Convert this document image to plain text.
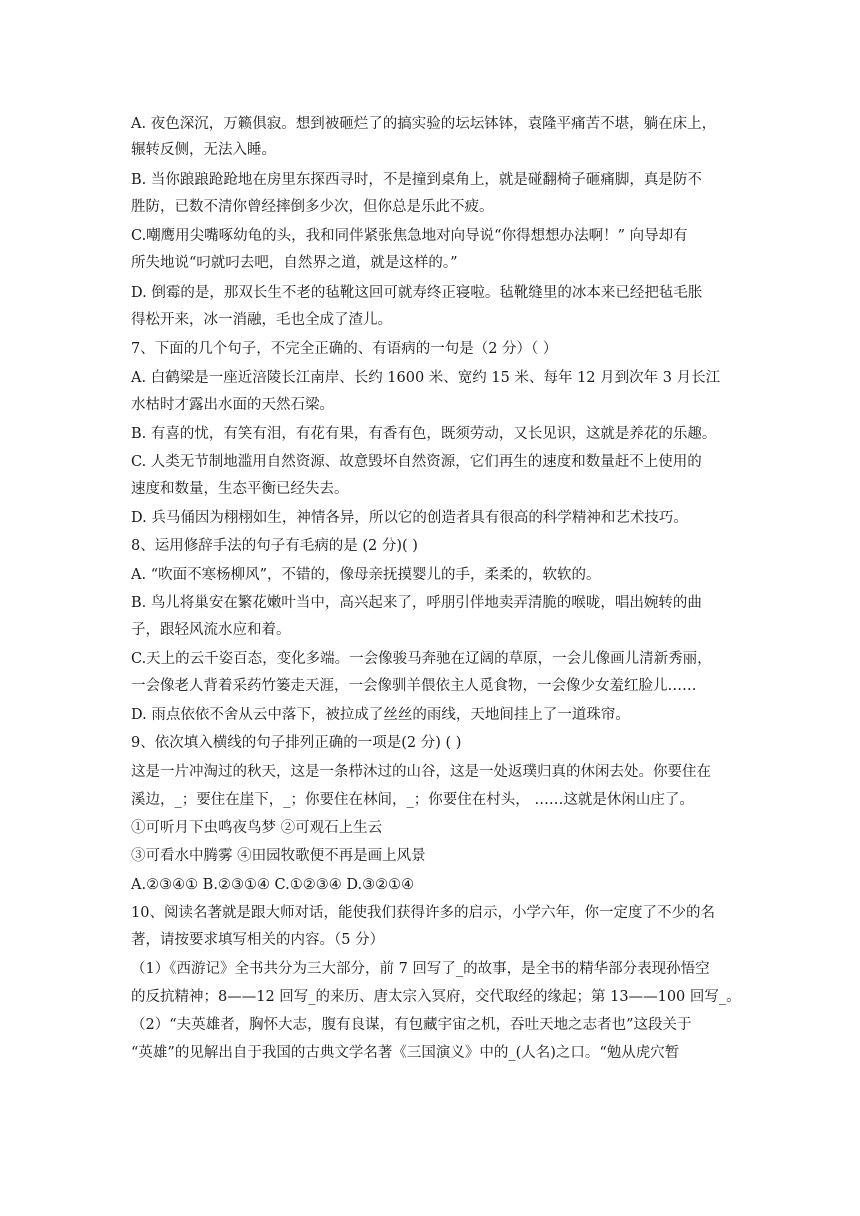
A. 夜色深沉，万籁俱寂。想到被砸烂了的搞实验的坛坛钵钵，袁隆平痛苦不堪，躺在床上，
辗转反侧，无法入睡。
B. 当你踉踉跄跄地在房里东探西寻时，不是撞到桌角上，就是碰翻椅子砸痛脚，真是防不
胜防，已数不清你曾经摔倒多少次，但你总是乐此不疲。
C.嘲鹰用尖嘴啄幼龟的头，我和同伴紧张焦急地对向导说“你得想想办法啊！” 向导却有
所失地说“叼就叼去吧，自然界之道，就是这样的。”
D. 倒霉的是，那双长生不老的毡靴这回可就寿终正寝啦。毡靴缝里的冰本来已经把毡毛胀
得松开来，冰一消融，毛也全成了渣儿。
7、下面的几个句子，不完全正确的、有语病的一句是（2 分）（ ）
A. 白鹤梁是一座近涪陵长江南岸、长约 1600 米、宽约 15 米、每年 12 月到次年 3 月长江
水枯时才露出水面的天然石梁。
B. 有喜的忧，有笑有泪，有花有果，有香有色，既须劳动，又长见识，这就是养花的乐趣。
C. 人类无节制地滥用自然资源、故意毁坏自然资源，它们再生的速度和数量赶不上使用的
速度和数量，生态平衡已经失去。
D. 兵马俑因为栩栩如生，神情各异，所以它的创造者具有很高的科学精神和艺术技巧。
8、运用修辞手法的句子有毛病的是 (2 分)( )
A. “吹面不寒杨柳风”，不错的，像母亲抚摸婴儿的手，柔柔的，软软的。
B. 鸟儿将巢安在繁花嫩叶当中，高兴起来了，呼朋引伴地卖弄清脆的喉咙，唱出婉转的曲
子，跟轻风流水应和着。
C.天上的云千姿百态，变化多端。一会像骏马奔驰在辽阔的草原，一会儿像画儿清新秀丽，
一会像老人背着采药竹篓走天涯，一会像驯羊偎依主人觅食物，一会像少女羞红脸儿……
D. 雨点依依不舍从云中落下，被拉成了丝丝的雨线，天地间挂上了一道珠帘。
9、依次填入横线的句子排列正确的一项是(2 分) ( )
这是一片冲淘过的秋天，这是一条栉沐过的山谷，这是一处返璞归真的休闲去处。你要住在
溪边，_；要住在崖下，_；你要住在林间，_；你要住在村头， ……这就是休闲山庄了。
①可听月下虫鸣夜鸟梦 ②可观石上生云
③可看水中腾雾 ④田园牧歌便不再是画上风景
A.②③④① B.②③①④ C.①②③④ D.③②①④
10、阅读名著就是跟大师对话，能使我们获得许多的启示，小学六年，你一定度了不少的名
著，请按要求填写相关的内容。（5 分）
（1）《西游记》全书共分为三大部分，前 7 回写了_的故事，是全书的精华部分表现孙悟空
的反抗精神；8——12 回写_的来历、唐太宗入冥府，交代取经的缘起；第 13——100 回写_。
（2）“夫英雄者，胸怀大志，腹有良谋，有包藏宇宙之机，吞吐天地之志者也”这段关于
“英雄”的见解出自于我国的古典文学名著《三国演义》中的_(人名)之口。“勉从虎穴暂
